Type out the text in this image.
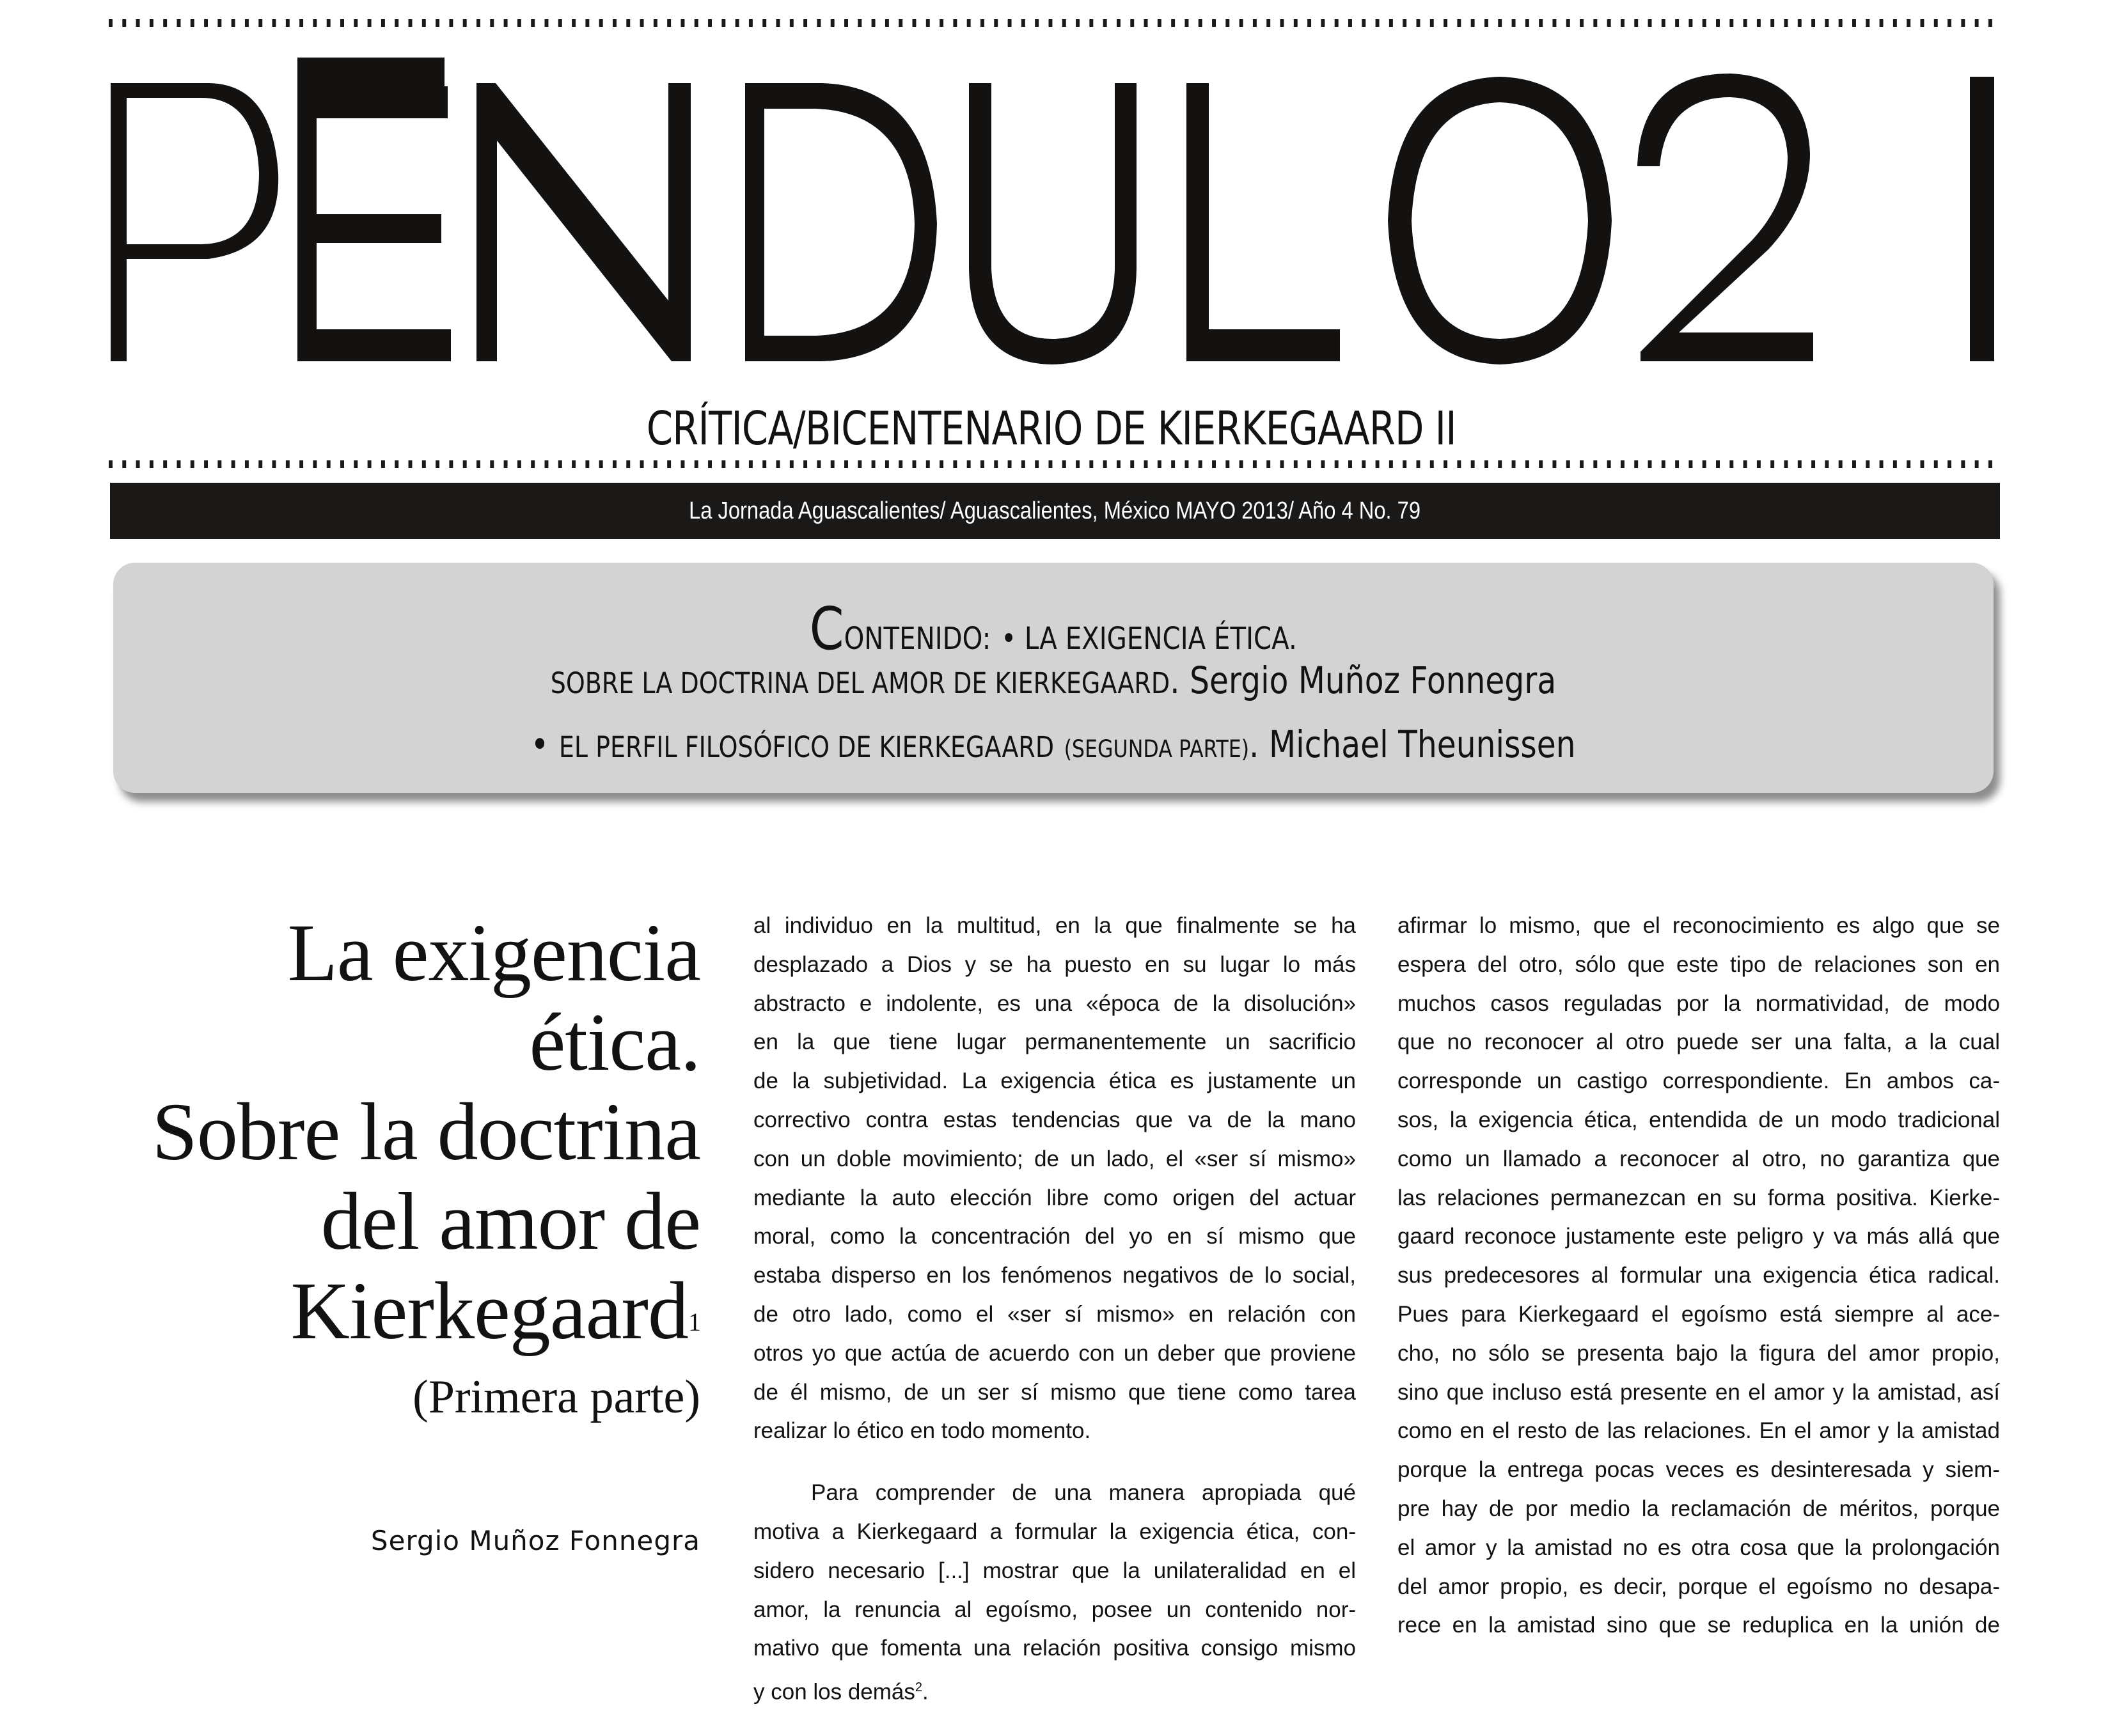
CRÍTICA/BICENTENARIO DE KIERKEGAARD II
La Jornada Aguascalientes/ Aguascalientes, México MAYO 2013/ Año 4 No. 79
CONTENIDO: • LA EXIGENCIA ÉTICA.
SOBRE LA DOCTRINA DEL AMOR DE KIERKEGAARD. Sergio Muñoz Fonnegra
• EL PERFIL FILOSÓFICO DE KIERKEGAARD (SEGUNDA PARTE). Michael Theunissen
La exigencia
ética.
Sobre la doctrina
del amor de
Kierkegaard$^1$
(Primera parte)
Sergio Muñoz Fonnegra
al individuo en la multitud, en la que finalmente se ha
desplazado a Dios y se ha puesto en su lugar lo más
abstracto e indolente, es una «época de la disolución»
en la que tiene lugar permanentemente un sacrificio
de la subjetividad. La exigencia ética es justamente un
correctivo contra estas tendencias que va de la mano
con un doble movimiento; de un lado, el «ser sí mismo»
mediante la auto elección libre como origen del actuar
moral, como la concentración del yo en sí mismo que
estaba disperso en los fenómenos negativos de lo social,
de otro lado, como el «ser sí mismo» en relación con
otros yo que actúa de acuerdo con un deber que proviene
de él mismo, de un ser sí mismo que tiene como tarea
realizar lo ético en todo momento.
Para comprender de una manera apropiada qué
motiva a Kierkegaard a formular la exigencia ética, con-
sidero necesario [...] mostrar que la unilateralidad en el
amor, la renuncia al egoísmo, posee un contenido nor-
mativo que fomenta una relación positiva consigo mismo
y con los demás$^2$.
afirmar lo mismo, que el reconocimiento es algo que se
espera del otro, sólo que este tipo de relaciones son en
muchos casos reguladas por la normatividad, de modo
que no reconocer al otro puede ser una falta, a la cual
corresponde un castigo correspondiente. En ambos ca-
sos, la exigencia ética, entendida de un modo tradicional
como un llamado a reconocer al otro, no garantiza que
las relaciones permanezcan en su forma positiva. Kierke-
gaard reconoce justamente este peligro y va más allá que
sus predecesores al formular una exigencia ética radical.
Pues para Kierkegaard el egoísmo está siempre al ace-
cho, no sólo se presenta bajo la figura del amor propio,
sino que incluso está presente en el amor y la amistad, así
como en el resto de las relaciones. En el amor y la amistad
porque la entrega pocas veces es desinteresada y siem-
pre hay de por medio la reclamación de méritos, porque
el amor y la amistad no es otra cosa que la prolongación
del amor propio, es decir, porque el egoísmo no desapa-
rece en la amistad sino que se reduplica en la unión de
